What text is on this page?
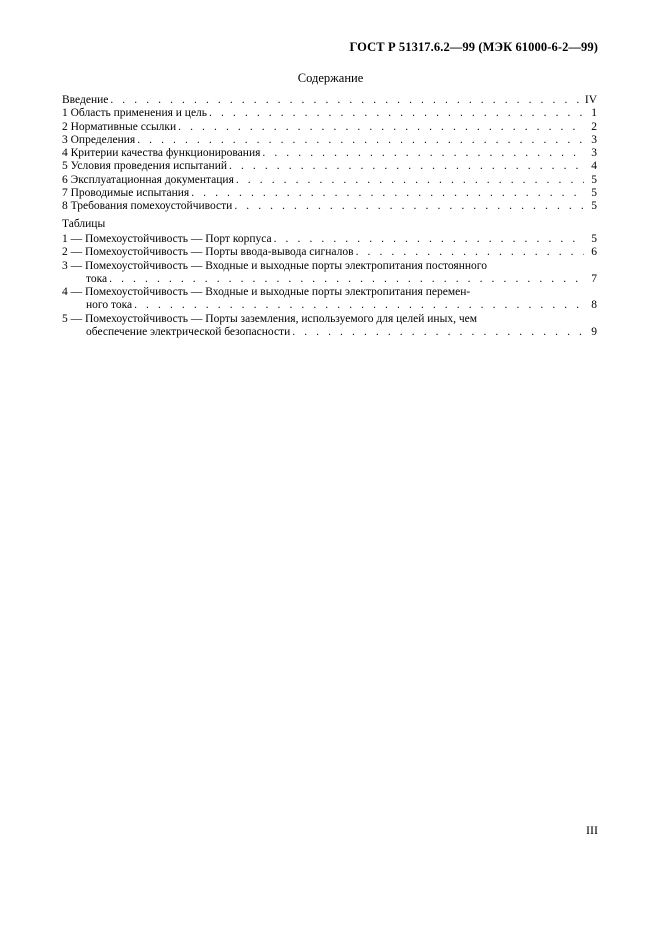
ГОСТ Р 51317.6.2—99 (МЭК 61000-6-2—99)
Содержание
Введение . . .	IV
1 Область применения и цель . . .	1
2 Нормативные ссылки . . .	2
3 Определения . . .	3
4 Критерии качества функционирования . . .	3
5 Условия проведения испытаний . . .	4
6 Эксплуатационная документация . . .	5
7 Проводимые испытания . . .	5
8 Требования помехоустойчивости . . .	5
Таблицы
1 — Помехоустойчивость — Порт корпуса . . .	5
2 — Помехоустойчивость — Порты ввода-вывода сигналов . . .	6
3 — Помехоустойчивость — Входные и выходные порты электропитания постоянного
тока . . .	7
4 — Помехоустойчивость — Входные и выходные порты электропитания перемен-
ного тока . . .	8
5 — Помехоустойчивость — Порты заземления, используемого для целей иных, чем
обеспечение электрической безопасности . . .	9
III
